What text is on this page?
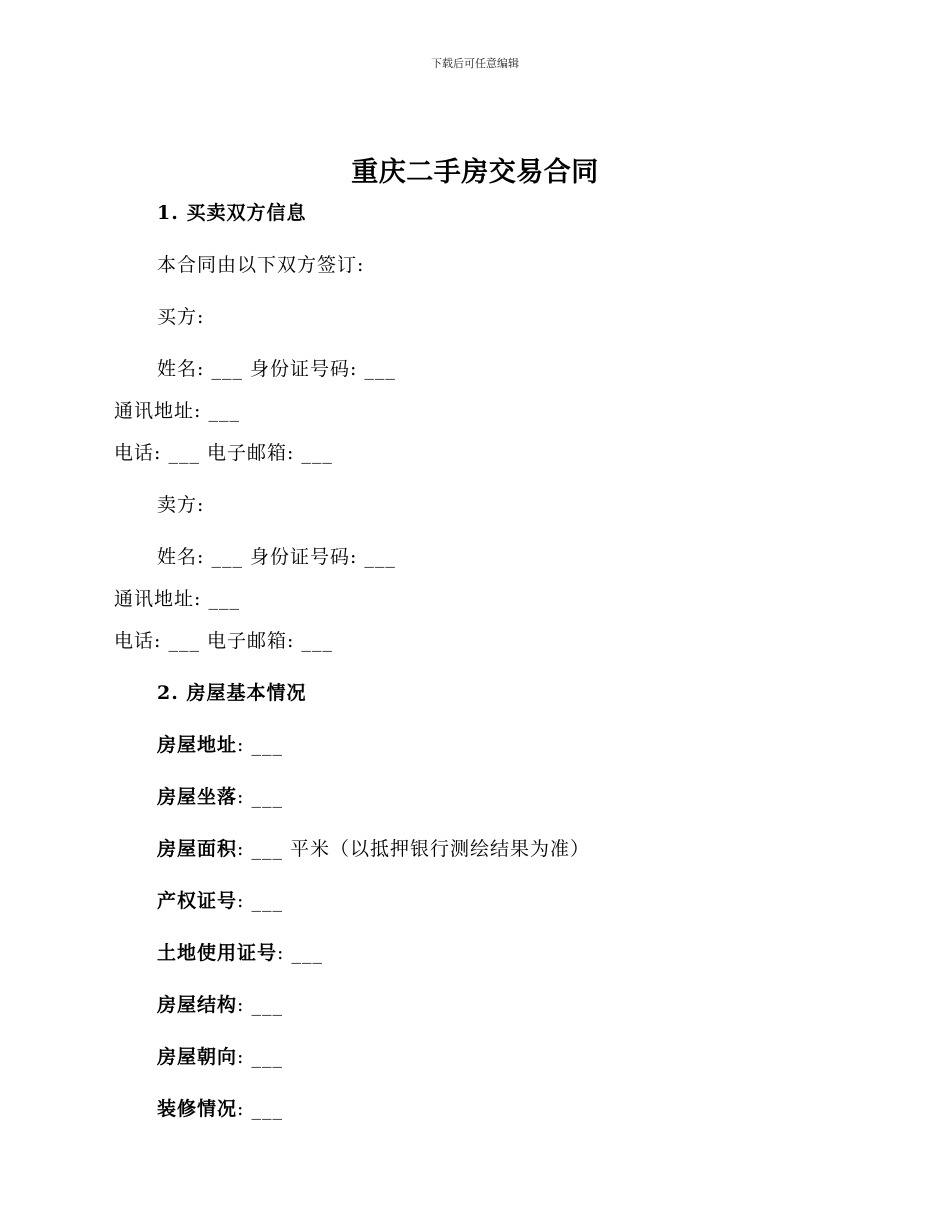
下载后可任意编辑
重庆二手房交易合同
1. 买卖双方信息
本合同由以下双方签订:
买方:
姓名: ___ 身份证号码: ___
通讯地址: ___
电话: ___ 电子邮箱: ___
卖方:
姓名: ___ 身份证号码: ___
通讯地址: ___
电话: ___ 电子邮箱: ___
2. 房屋基本情况
房屋地址: ___
房屋坐落: ___
房屋面积: ___ 平米（以抵押银行测绘结果为准）
产权证号: ___
土地使用证号: ___
房屋结构: ___
房屋朝向: ___
装修情况: ___
